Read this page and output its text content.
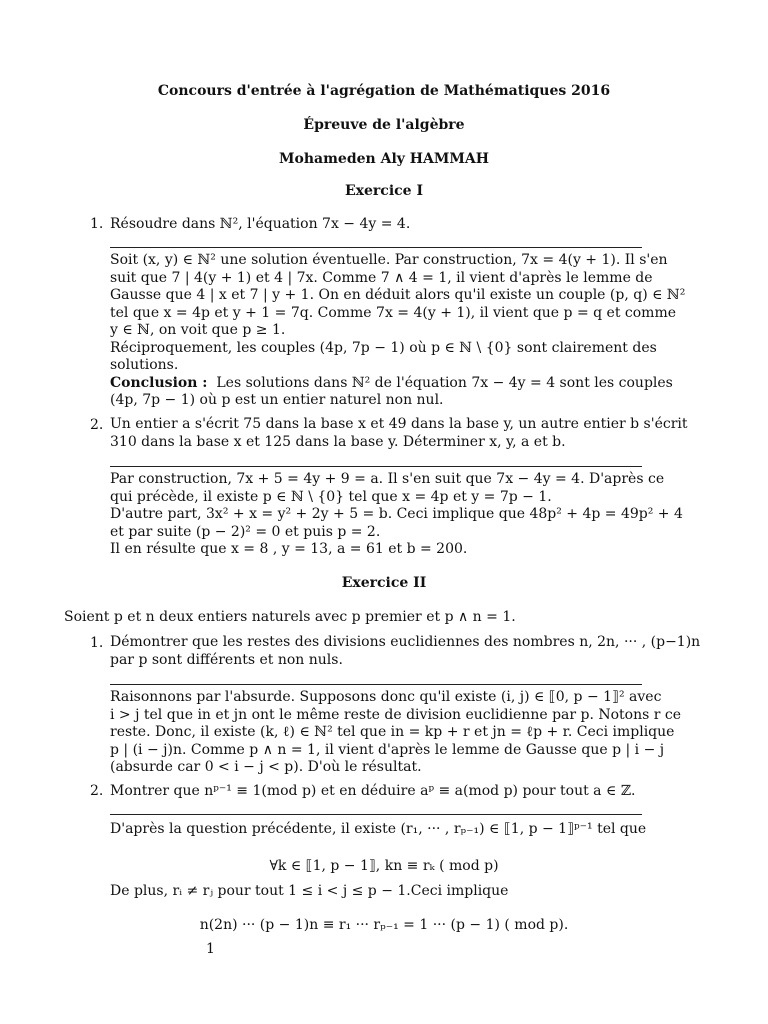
Concours d'entrée à l'agrégation de Mathématiques 2016
Épreuve de l'algèbre
Mohameden Aly HAMMAH
Exercice I
1. Résoudre dans ℕ², l'équation 7x − 4y = 4.
Soit (x, y) ∈ ℕ² une solution éventuelle. Par construction, 7x = 4(y + 1). Il s'en
suit que 7 | 4(y + 1) et 4 | 7x. Comme 7 ∧ 4 = 1, il vient d'après le lemme de
Gausse que 4 | x et 7 | y + 1. On en déduit alors qu'il existe un couple (p, q) ∈ ℕ²
tel que x = 4p et y + 1 = 7q. Comme 7x = 4(y + 1), il vient que p = q et comme
y ∈ ℕ, on voit que p ≥ 1.
Réciproquement, les couples (4p, 7p − 1) où p ∈ ℕ \ {0} sont clairement des
solutions.
Conclusion : Les solutions dans ℕ² de l'équation 7x − 4y = 4 sont les couples
(4p, 7p − 1) où p est un entier naturel non nul.
2. Un entier a s'écrit 75 dans la base x et 49 dans la base y, un autre entier b s'écrit
310 dans la base x et 125 dans la base y. Déterminer x, y, a et b.
Par construction, 7x + 5 = 4y + 9 = a. Il s'en suit que 7x − 4y = 4. D'après ce
qui précède, il existe p ∈ ℕ \ {0} tel que x = 4p et y = 7p − 1.
D'autre part, 3x² + x = y² + 2y + 5 = b. Ceci implique que 48p² + 4p = 49p² + 4
et par suite (p − 2)² = 0 et puis p = 2.
Il en résulte que x = 8 , y = 13, a = 61 et b = 200.
Exercice II
Soient p et n deux entiers naturels avec p premier et p ∧ n = 1.
1. Démontrer que les restes des divisions euclidiennes des nombres n, 2n, ··· , (p−1)n
par p sont différents et non nuls.
Raisonnons par l'absurde. Supposons donc qu'il existe (i, j) ∈ ⟦0, p − 1⟧² avec
i > j tel que in et jn ont le même reste de division euclidienne par p. Notons r ce
reste. Donc, il existe (k, ℓ) ∈ ℕ² tel que in = kp + r et jn = ℓp + r. Ceci implique
p | (i − j)n. Comme p ∧ n = 1, il vient d'après le lemme de Gausse que p | i − j
(absurde car 0 < i − j < p). D'où le résultat.
2. Montrer que nᵖ⁻¹ ≡ 1(mod p) et en déduire aᵖ ≡ a(mod p) pour tout a ∈ ℤ.
D'après la question précédente, il existe (r₁, ··· , rₚ₋₁) ∈ ⟦1, p − 1⟧ᵖ⁻¹ tel que
∀k ∈ ⟦1, p − 1⟧, kn ≡ rₖ ( mod p)
De plus, rᵢ ≠ rⱼ pour tout 1 ≤ i < j ≤ p − 1.Ceci implique
n(2n) ··· (p − 1)n ≡ r₁ ··· rₚ₋₁ = 1 ··· (p − 1) ( mod p).
1
